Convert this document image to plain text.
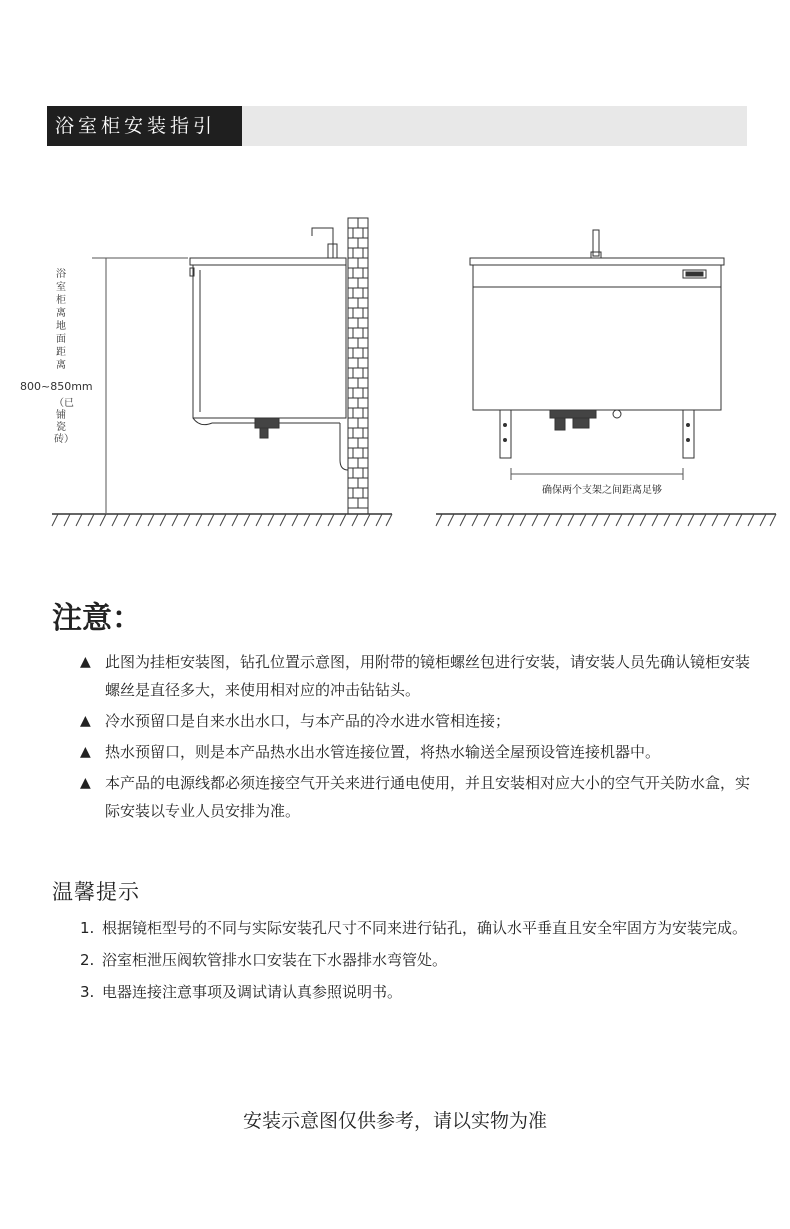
浴室柜安装指引
浴室柜离地面距离
800~850mm
（已铺瓷砖）
确保两个支架之间距离足够
注意：
▲ 此图为挂柜安装图，钻孔位置示意图，用附带的镜柜螺丝包进行安装，请安装人员先确认镜柜安装螺丝是直径多大，来使用相对应的冲击钻钻头。
▲ 冷水预留口是自来水出水口，与本产品的冷水进水管相连接；
▲ 热水预留口，则是本产品热水出水管连接位置，将热水输送全屋预设管连接机器中。
▲ 本产品的电源线都必须连接空气开关来进行通电使用，并且安装相对应大小的空气开关防水盒，实际安装以专业人员安排为准。
温馨提示
1. 根据镜柜型号的不同与实际安装孔尺寸不同来进行钻孔，确认水平垂直且安全牢固方为安装完成。
2. 浴室柜泄压阀软管排水口安装在下水器排水弯管处。
3. 电器连接注意事项及调试请认真参照说明书。
安装示意图仅供参考，请以实物为准
